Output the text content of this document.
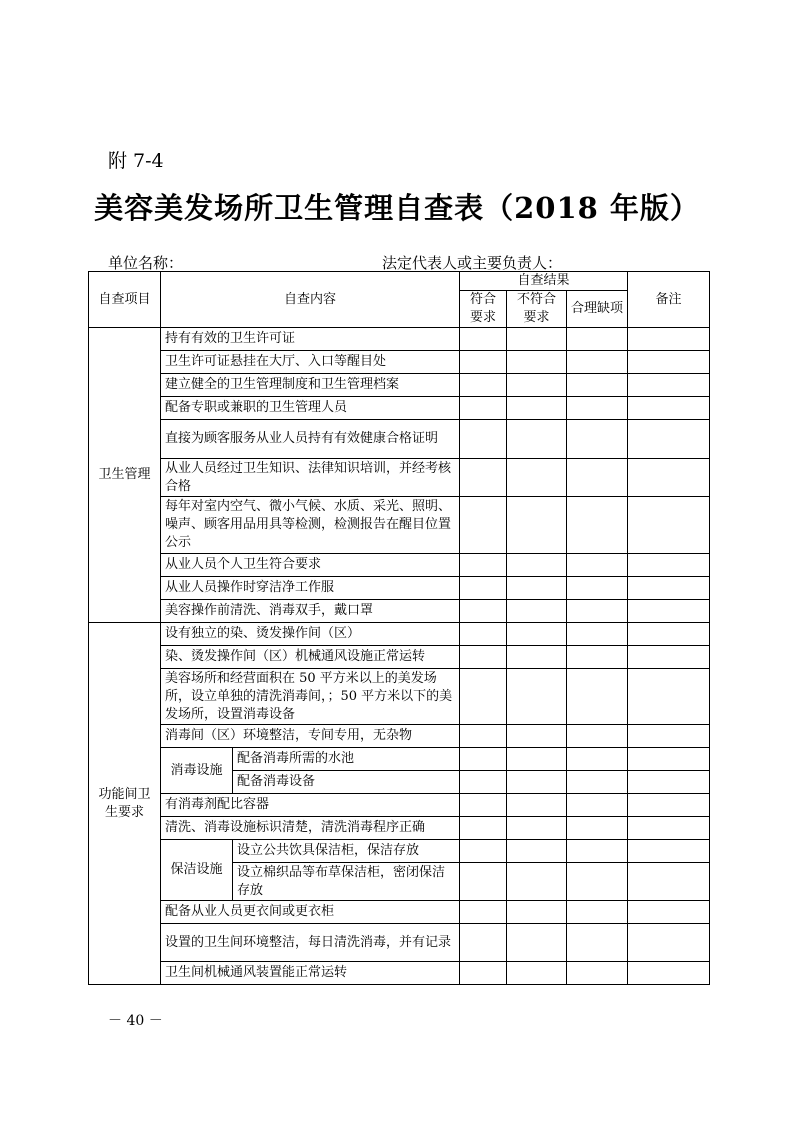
附 7-4
美容美发场所卫生管理自查表（2018 年版）
单位名称：	法定代表人或主要负责人：
自查项目	自查内容		自查结果			备注
			符合要求	不符合要求	合理缺项	
卫生管理	持有有效的卫生许可证					
	卫生许可证悬挂在大厅、入口等醒目处					
	建立健全的卫生管理制度和卫生管理档案					
	配备专职或兼职的卫生管理人员					
	直接为顾客服务从业人员持有有效健康合格证明					
	从业人员经过卫生知识、法律知识培训，并经考核合格					
	每年对室内空气、微小气候、水质、采光、照明、噪声、顾客用品用具等检测，检测报告在醒目位置公示					
	从业人员个人卫生符合要求					
	从业人员操作时穿洁净工作服					
	美容操作前清洗、消毒双手，戴口罩					
功能间卫生要求	设有独立的染、烫发操作间（区）					
	染、烫发操作间（区）机械通风设施正常运转					
	美容场所和经营面积在 50 平方米以上的美发场所，设立单独的清洗消毒间，；50 平方米以下的美发场所，设置消毒设备					
	消毒间（区）环境整洁，专间专用，无杂物					
	消毒设施	配备消毒所需的水池				
		配备消毒设备				
	有消毒剂配比容器					
	清洗、消毒设施标识清楚，清洗消毒程序正确					
	保洁设施	设立公共饮具保洁柜，保洁存放				
		设立棉织品等布草保洁柜，密闭保洁存放				
	配备从业人员更衣间或更衣柜					
	设置的卫生间环境整洁，每日清洗消毒，并有记录					
	卫生间机械通风装置能正常运转					
－ 40 －
